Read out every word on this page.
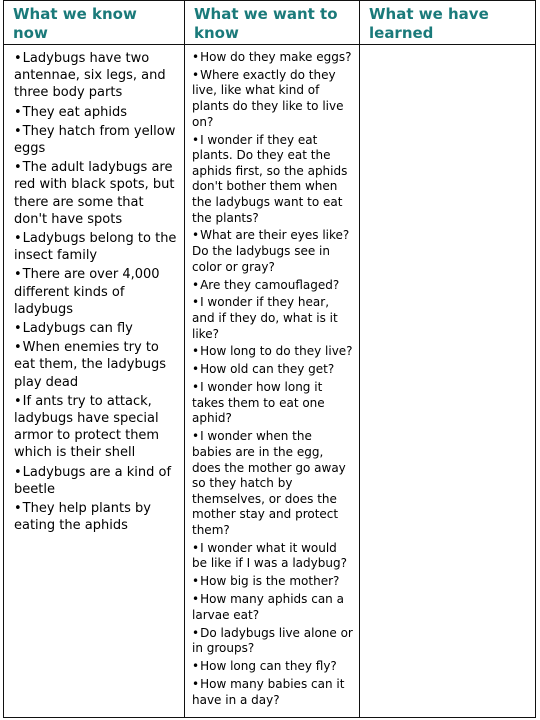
What we know now
What we want to know
What we have learned
•Ladybugs have two antennae, six legs, and three body parts
•They eat aphids
•They hatch from yellow eggs
•The adult ladybugs are red with black spots, but there are some that don't have spots
•Ladybugs belong to the insect family
•There are over 4,000 different kinds of ladybugs
•Ladybugs can fly
•When enemies try to eat them, the ladybugs play dead
•If ants try to attack, ladybugs have special armor to protect them which is their shell
•Ladybugs are a kind of beetle
•They help plants by eating the aphids
•How do they make eggs?
•Where exactly do they live, like what kind of plants do they like to live on?
•I wonder if they eat plants. Do they eat the aphids first, so the aphids don't bother them when the ladybugs want to eat the plants?
•What are their eyes like? Do the ladybugs see in color or gray?
•Are they camouflaged?
•I wonder if they hear, and if they do, what is it like?
•How long to do they live?
•How old can they get?
•I wonder how long it takes them to eat one aphid?
•I wonder when the babies are in the egg, does the mother go away so they hatch by themselves, or does the mother stay and protect them?
•I wonder what it would be like if I was a ladybug?
•How big is the mother?
•How many aphids can a larvae eat?
•Do ladybugs live alone or in groups?
•How long can they fly?
•How many babies can it have in a day?
